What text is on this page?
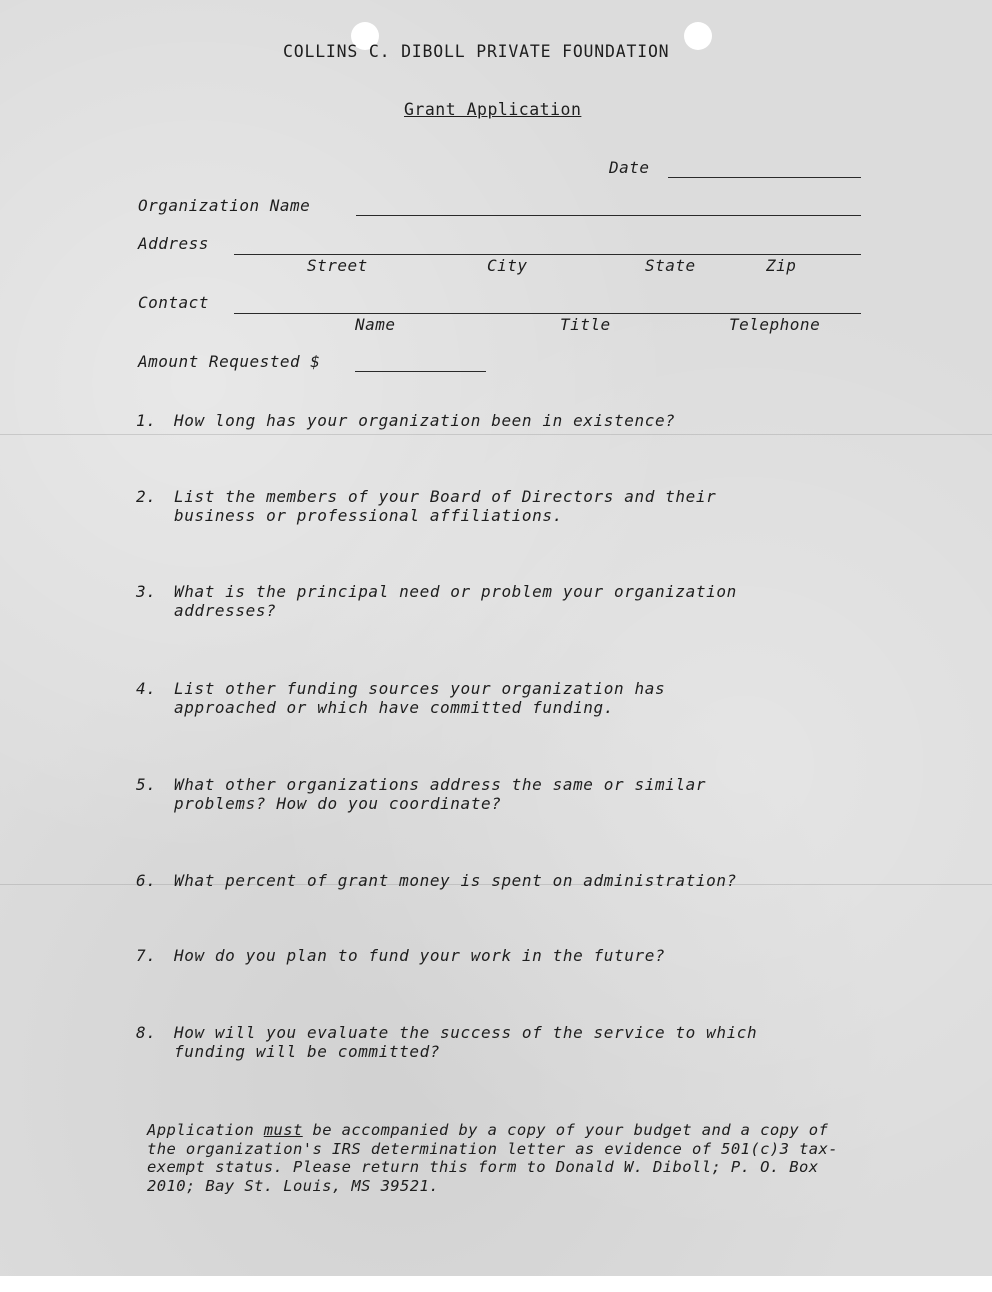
COLLINS C. DIBOLL PRIVATE FOUNDATION
Grant Application
Date
Organization Name
Address
Street	City	State	Zip
Contact
Name	Title	Telephone
Amount Requested $
1.	How long has your organization been in existence?
2.	List the members of your Board of Directors and their
business or professional affiliations.
3.	What is the principal need or problem your organization
addresses?
4.	List other funding sources your organization has
approached or which have committed funding.
5.	What other organizations address the same or similar
problems? How do you coordinate?
6.	What percent of grant money is spent on administration?
7.	How do you plan to fund your work in the future?
8.	How will you evaluate the success of the service to which
funding will be committed?
Application must be accompanied by a copy of your budget and a copy of the organization's IRS determination letter as evidence of 501(c)3 tax-exempt status. Please return this form to Donald W. Diboll; P. O. Box 2010; Bay St. Louis, MS 39521.
